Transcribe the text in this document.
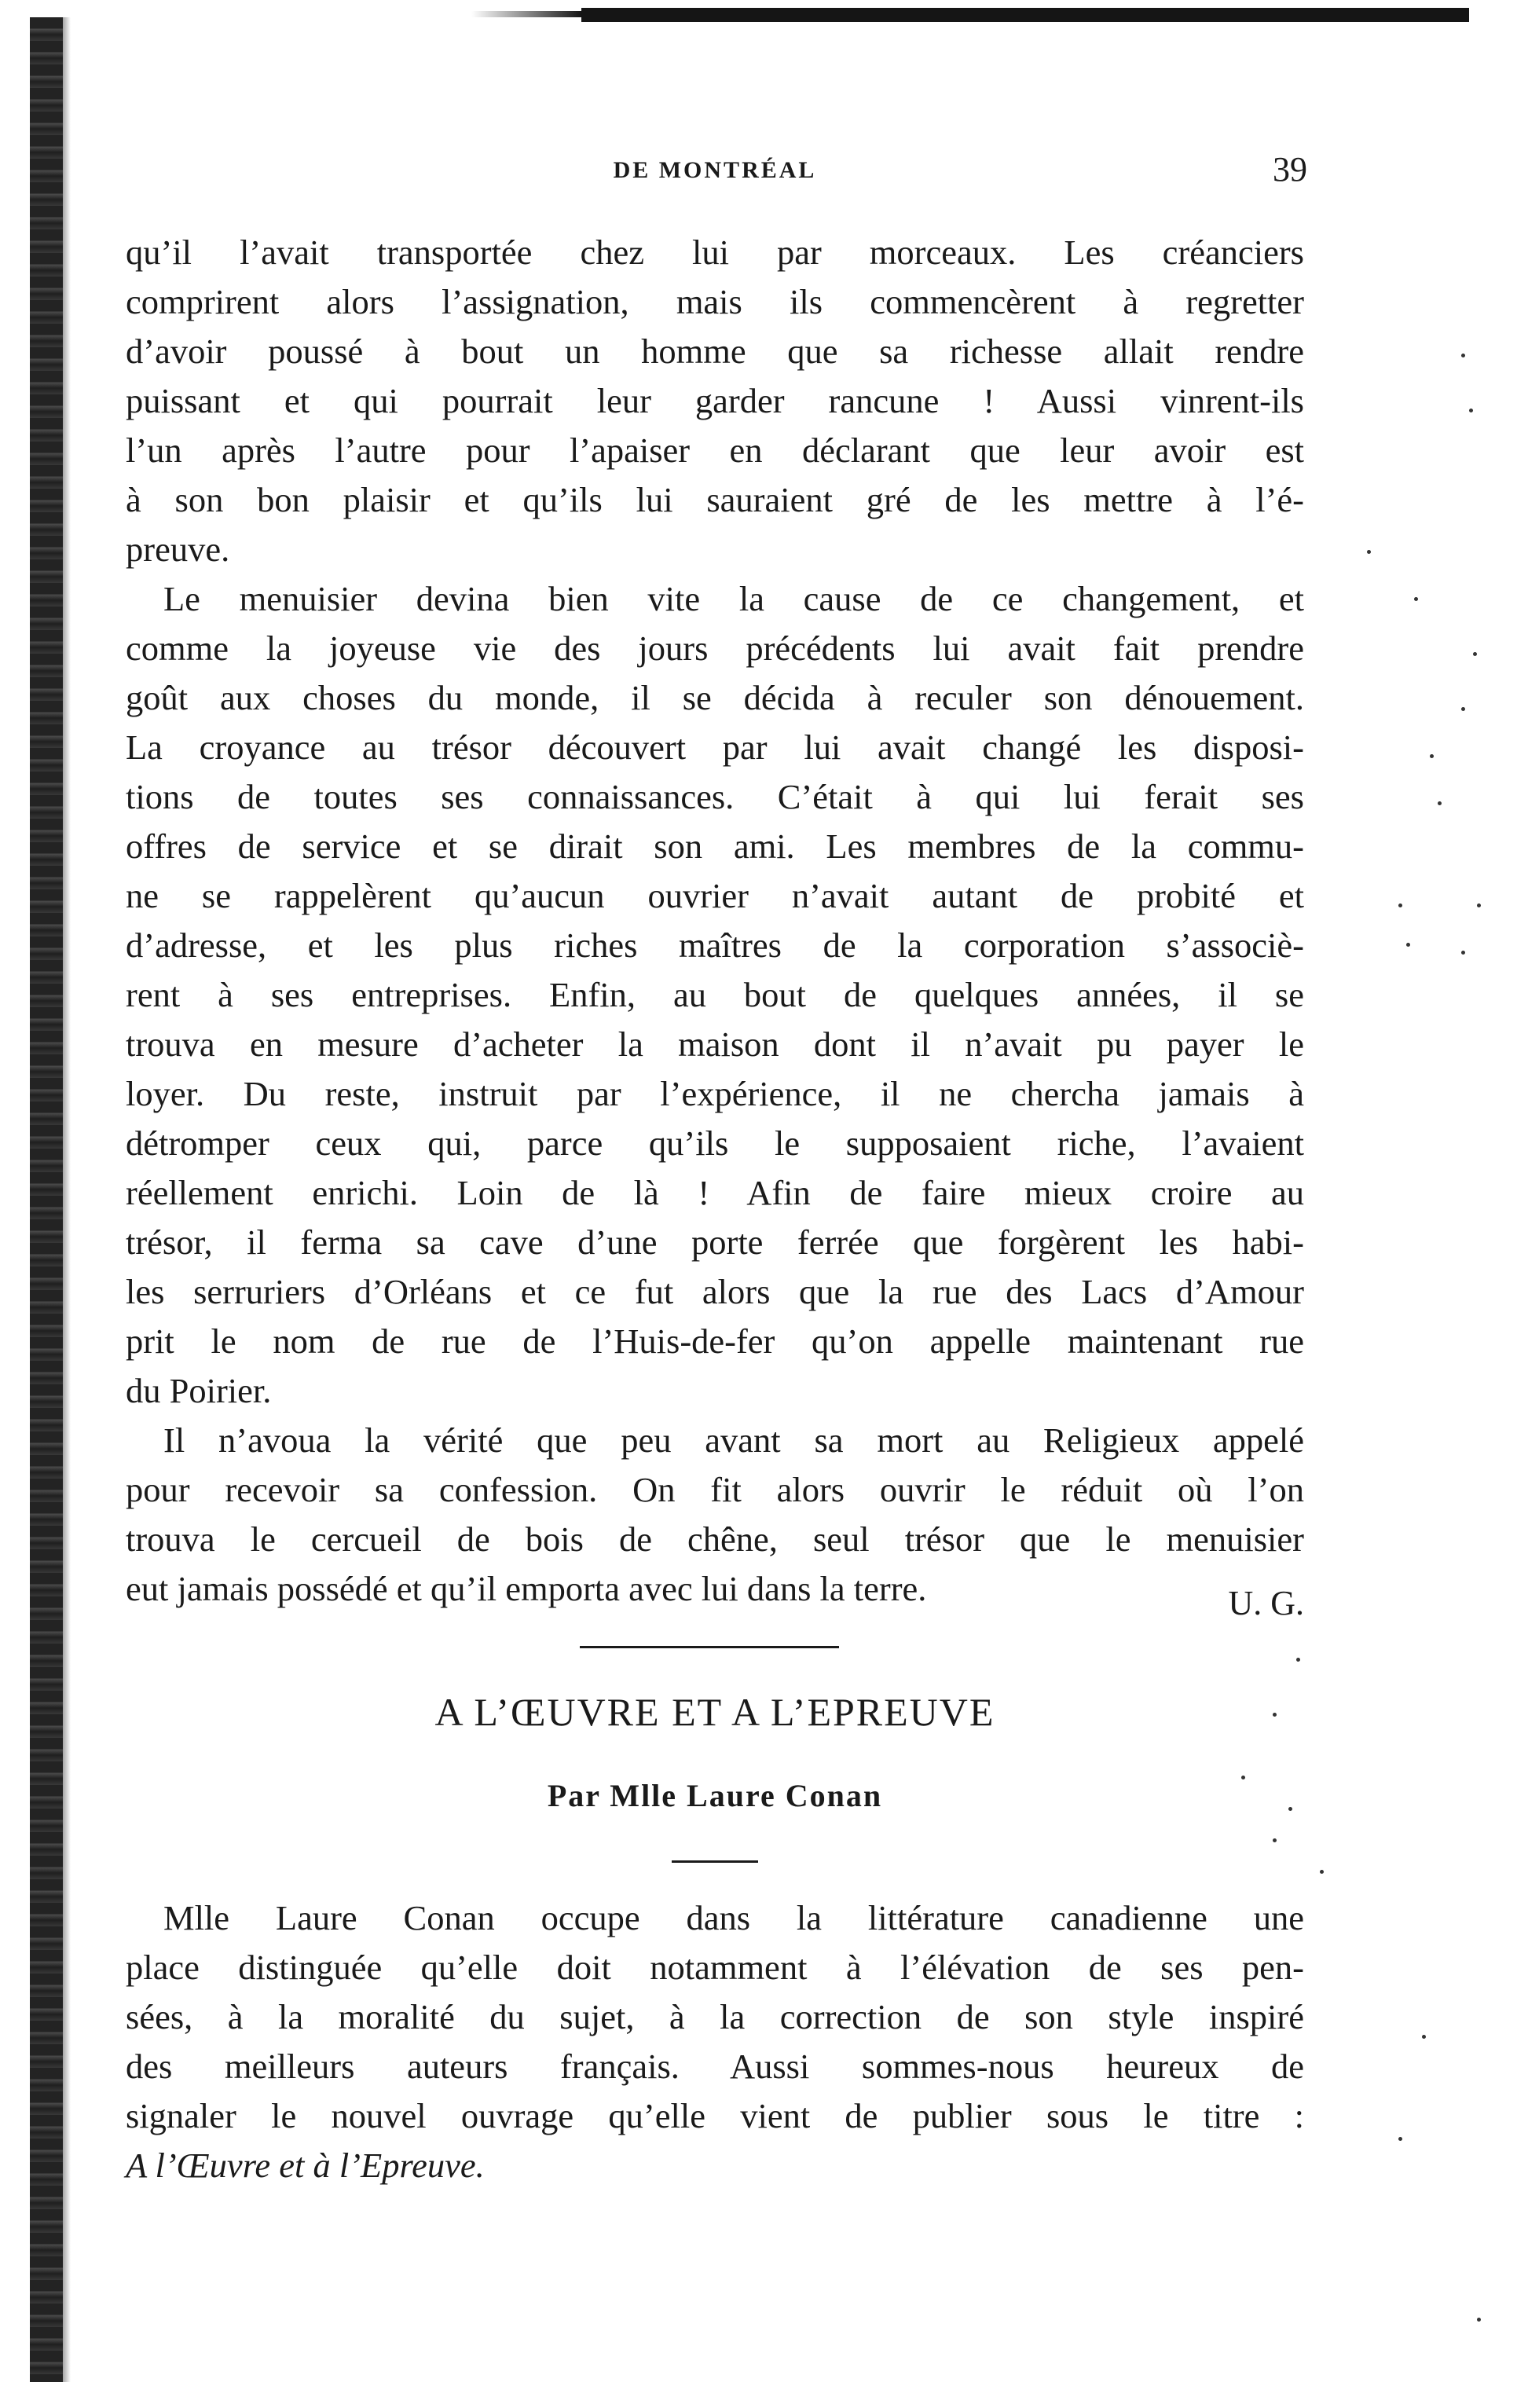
DE MONTRÉAL	39
qu’il l’avait transportée chez lui par morceaux. Les créanciers
comprirent alors l’assignation, mais ils commencèrent à regretter
d’avoir poussé à bout un homme que sa richesse allait rendre
puissant et qui pourrait leur garder rancune ! Aussi vinrent-ils
l’un après l’autre pour l’apaiser en déclarant que leur avoir est
à son bon plaisir et qu’ils lui sauraient gré de les mettre à l’é-
preuve.
Le menuisier devina bien vite la cause de ce changement, et
comme la joyeuse vie des jours précédents lui avait fait prendre
goût aux choses du monde, il se décida à reculer son dénouement.
La croyance au trésor découvert par lui avait changé les disposi-
tions de toutes ses connaissances. C’était à qui lui ferait ses
offres de service et se dirait son ami. Les membres de la commu-
ne se rappelèrent qu’aucun ouvrier n’avait autant de probité et
d’adresse, et les plus riches maîtres de la corporation s’associè-
rent à ses entreprises. Enfin, au bout de quelques années, il se
trouva en mesure d’acheter la maison dont il n’avait pu payer le
loyer. Du reste, instruit par l’expérience, il ne chercha jamais à
détromper ceux qui, parce qu’ils le supposaient riche, l’avaient
réellement enrichi. Loin de là ! Afin de faire mieux croire au
trésor, il ferma sa cave d’une porte ferrée que forgèrent les habi-
les serruriers d’Orléans et ce fut alors que la rue des Lacs d’Amour
prit le nom de rue de l’Huis-de-fer qu’on appelle maintenant rue
du Poirier.
Il n’avoua la vérité que peu avant sa mort au Religieux appelé
pour recevoir sa confession. On fit alors ouvrir le réduit où l’on
trouva le cercueil de bois de chêne, seul trésor que le menuisier
eut jamais possédé et qu’il emporta avec lui dans la terre.	U. G.
A L’ŒUVRE ET A L’EPREUVE
Par Mlle Laure Conan
Mlle Laure Conan occupe dans la littérature canadienne une
place distinguée qu’elle doit notamment à l’élévation de ses pen-
sées, à la moralité du sujet, à la correction de son style inspiré
des meilleurs auteurs français. Aussi sommes-nous heureux de
signaler le nouvel ouvrage qu’elle vient de publier sous le titre :
A l’Œuvre et à l’Epreuve.
